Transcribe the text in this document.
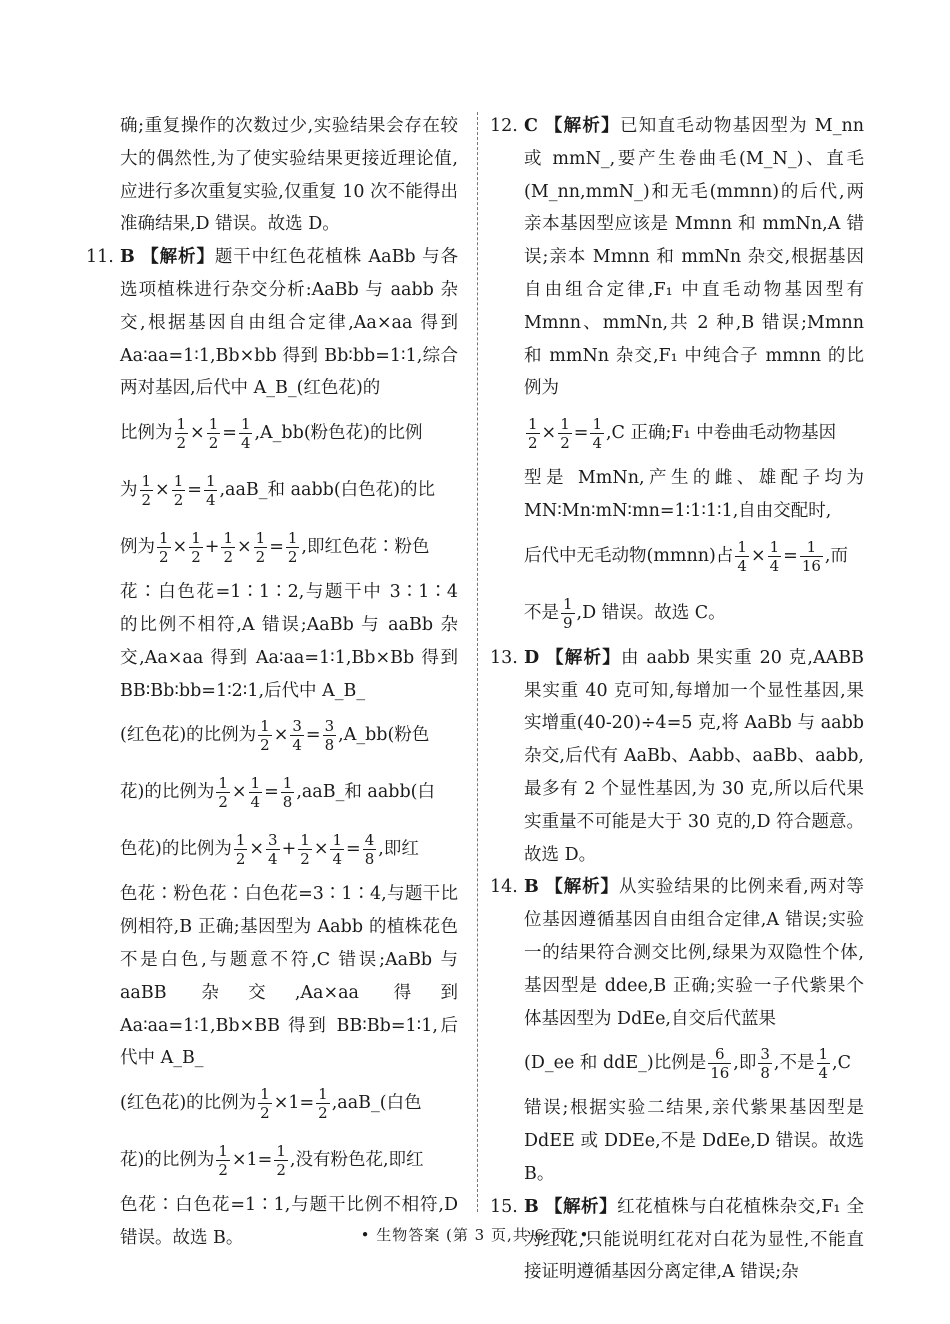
确;重复操作的次数过少,实验结果会存在较大的偶然性,为了使实验结果更接近理论值,应进行多次重复实验,仅重复 10 次不能得出准确结果,D 错误。故选 D。
11. B 【解析】题干中红色花植株 AaBb 与各选项植株进行杂交分析:AaBb 与 aabb 杂交,根据基因自由组合定律,Aa×aa 得到 Aa∶aa=1∶1,Bb×bb 得到 Bb∶bb=1∶1,综合两对基因,后代中 A_B_(红色花)的
比例为 $\frac{1}{2} \times \frac{1}{2} = \frac{1}{4}$ ,A_bb(粉色花)的比例
为 $\frac{1}{2} \times \frac{1}{2} = \frac{1}{4}$ ,aaB_和 aabb(白色花)的比
例为 $\frac{1}{2} \times \frac{1}{2} + \frac{1}{2} \times \frac{1}{2} = \frac{1}{2}$ ,即红色花∶粉色
花∶白色花=1∶1∶2,与题干中 3∶1∶4 的比例不相符,A 错误;AaBb 与 aaBb 杂交,Aa×aa 得到 Aa∶aa=1∶1,Bb×Bb 得到 BB∶Bb∶bb=1∶2∶1,后代中 A_B_
(红色花)的比例为 $\frac{1}{2} \times \frac{3}{4} = \frac{3}{8}$ ,A_bb(粉色
花)的比例为 $\frac{1}{2} \times \frac{1}{4} = \frac{1}{8}$ ,aaB_和 aabb(白
色花)的比例为 $\frac{1}{2} \times \frac{3}{4} + \frac{1}{2} \times \frac{1}{4} = \frac{4}{8}$ ,即红
色花∶粉色花∶白色花=3∶1∶4,与题干比例相符,B 正确;基因型为 Aabb 的植株花色不是白色,与题意不符,C 错误;AaBb 与 aaBB 杂交,Aa×aa 得到 Aa∶aa=1∶1,Bb×BB 得到 BB∶Bb=1∶1,后代中 A_B_
(红色花)的比例为 $\frac{1}{2} \times 1= \frac{1}{2}$ ,aaB_(白色
花)的比例为 $\frac{1}{2} \times 1= \frac{1}{2}$ ,没有粉色花,即红
色花∶白色花=1∶1,与题干比例不相符,D 错误。故选 B。
12. C 【解析】已知直毛动物基因型为 M_nn 或 mmN_,要产生卷曲毛(M_N_)、直毛(M_nn,mmN_)和无毛(mmnn)的后代,两亲本基因型应该是 Mmnn 和 mmNn,A 错误;亲本 Mmnn 和 mmNn 杂交,根据基因自由组合定律,F₁ 中直毛动物基因型有 Mmnn、mmNn,共 2 种,B 错误;Mmnn 和 mmNn 杂交,F₁ 中纯合子 mmnn 的比例为
$\frac{1}{2} \times \frac{1}{2} = \frac{1}{4} ,C$ 正确;F₁ 中卷曲毛动物基因
型是 MmNn,产生的雌、雄配子均为 MN∶Mn∶mN∶mn=1∶1∶1∶1,自由交配时,
后代中无毛动物(mmnn)占 $\frac{1}{4} \times \frac{1}{4} = \frac{1}{16}$ ,而
不是 $\frac{1}{9} ,D$ 错误。故选 C。
13. D 【解析】由 aabb 果实重 20 克,AABB 果实重 40 克可知,每增加一个显性基因,果实增重(40-20)÷4=5 克,将 AaBb 与 aabb 杂交,后代有 AaBb、Aabb、aaBb、aabb,最多有 2 个显性基因,为 30 克,所以后代果实重量不可能是大于 30 克的,D 符合题意。故选 D。
14. B 【解析】从实验结果的比例来看,两对等位基因遵循基因自由组合定律,A 错误;实验一的结果符合测交比例,绿果为双隐性个体,基因型是 ddee,B 正确;实验一子代紫果个体基因型为 DdEe,自交后代蓝果
(D_ee 和 ddE_)比例是 $\frac{6}{16}$ ,即 $\frac{3}{8}$ ,不是 $\frac{1}{4} ,C$
错误;根据实验二结果,亲代紫果基因型是 DdEE 或 DDEe,不是 DdEe,D 错误。故选 B。
15. B 【解析】红花植株与白花植株杂交,F₁ 全为红花,只能说明红花对白花为显性,不能直接证明遵循基因分离定律,A 错误;杂
• 生物答案 (第 3 页,共 6 页) •
